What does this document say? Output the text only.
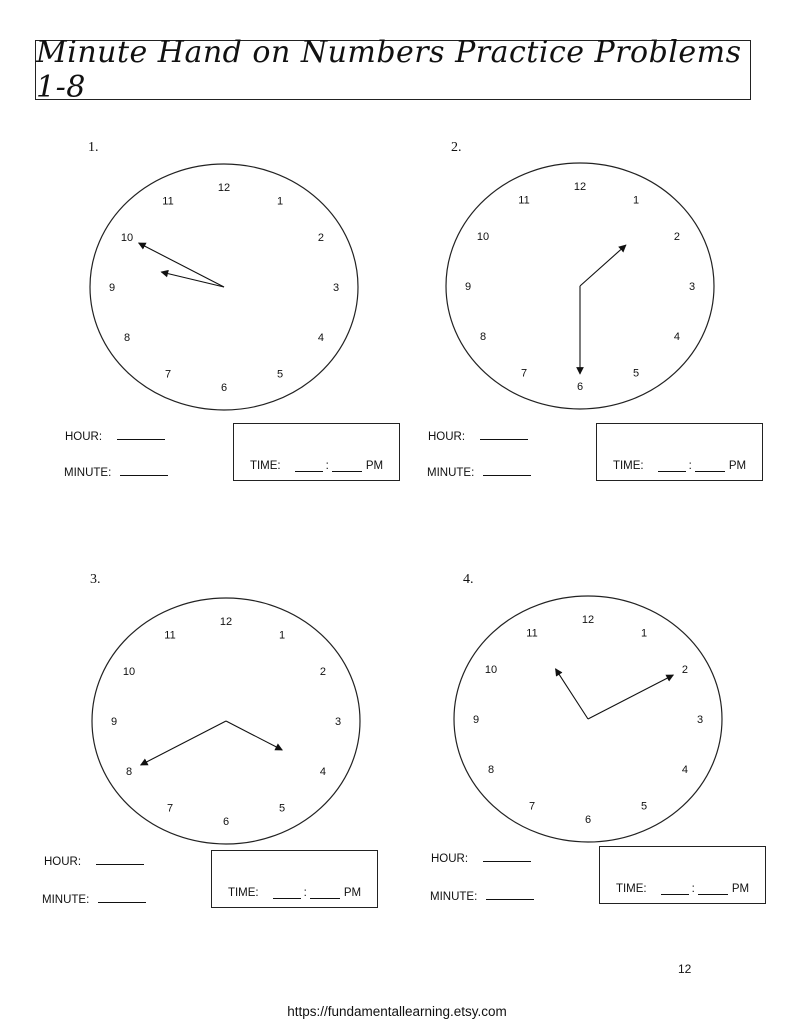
Minute Hand on Numbers Practice Problems 1-8
1.
12
1
2
3
4
5
6
7
8
9
10
11
HOUR:
MINUTE:
TIME:	:	PM
2.
12
1
2
3
4
5
6
7
8
9
10
11
HOUR:
MINUTE:
TIME:	:	PM
3.
12
1
2
3
4
5
6
7
8
9
10
11
HOUR:
MINUTE:
TIME:	:	PM
4.
12
1
2
3
4
5
6
7
8
9
10
11
HOUR:
MINUTE:
TIME:	:	PM
12
https://fundamentallearning.etsy.com
